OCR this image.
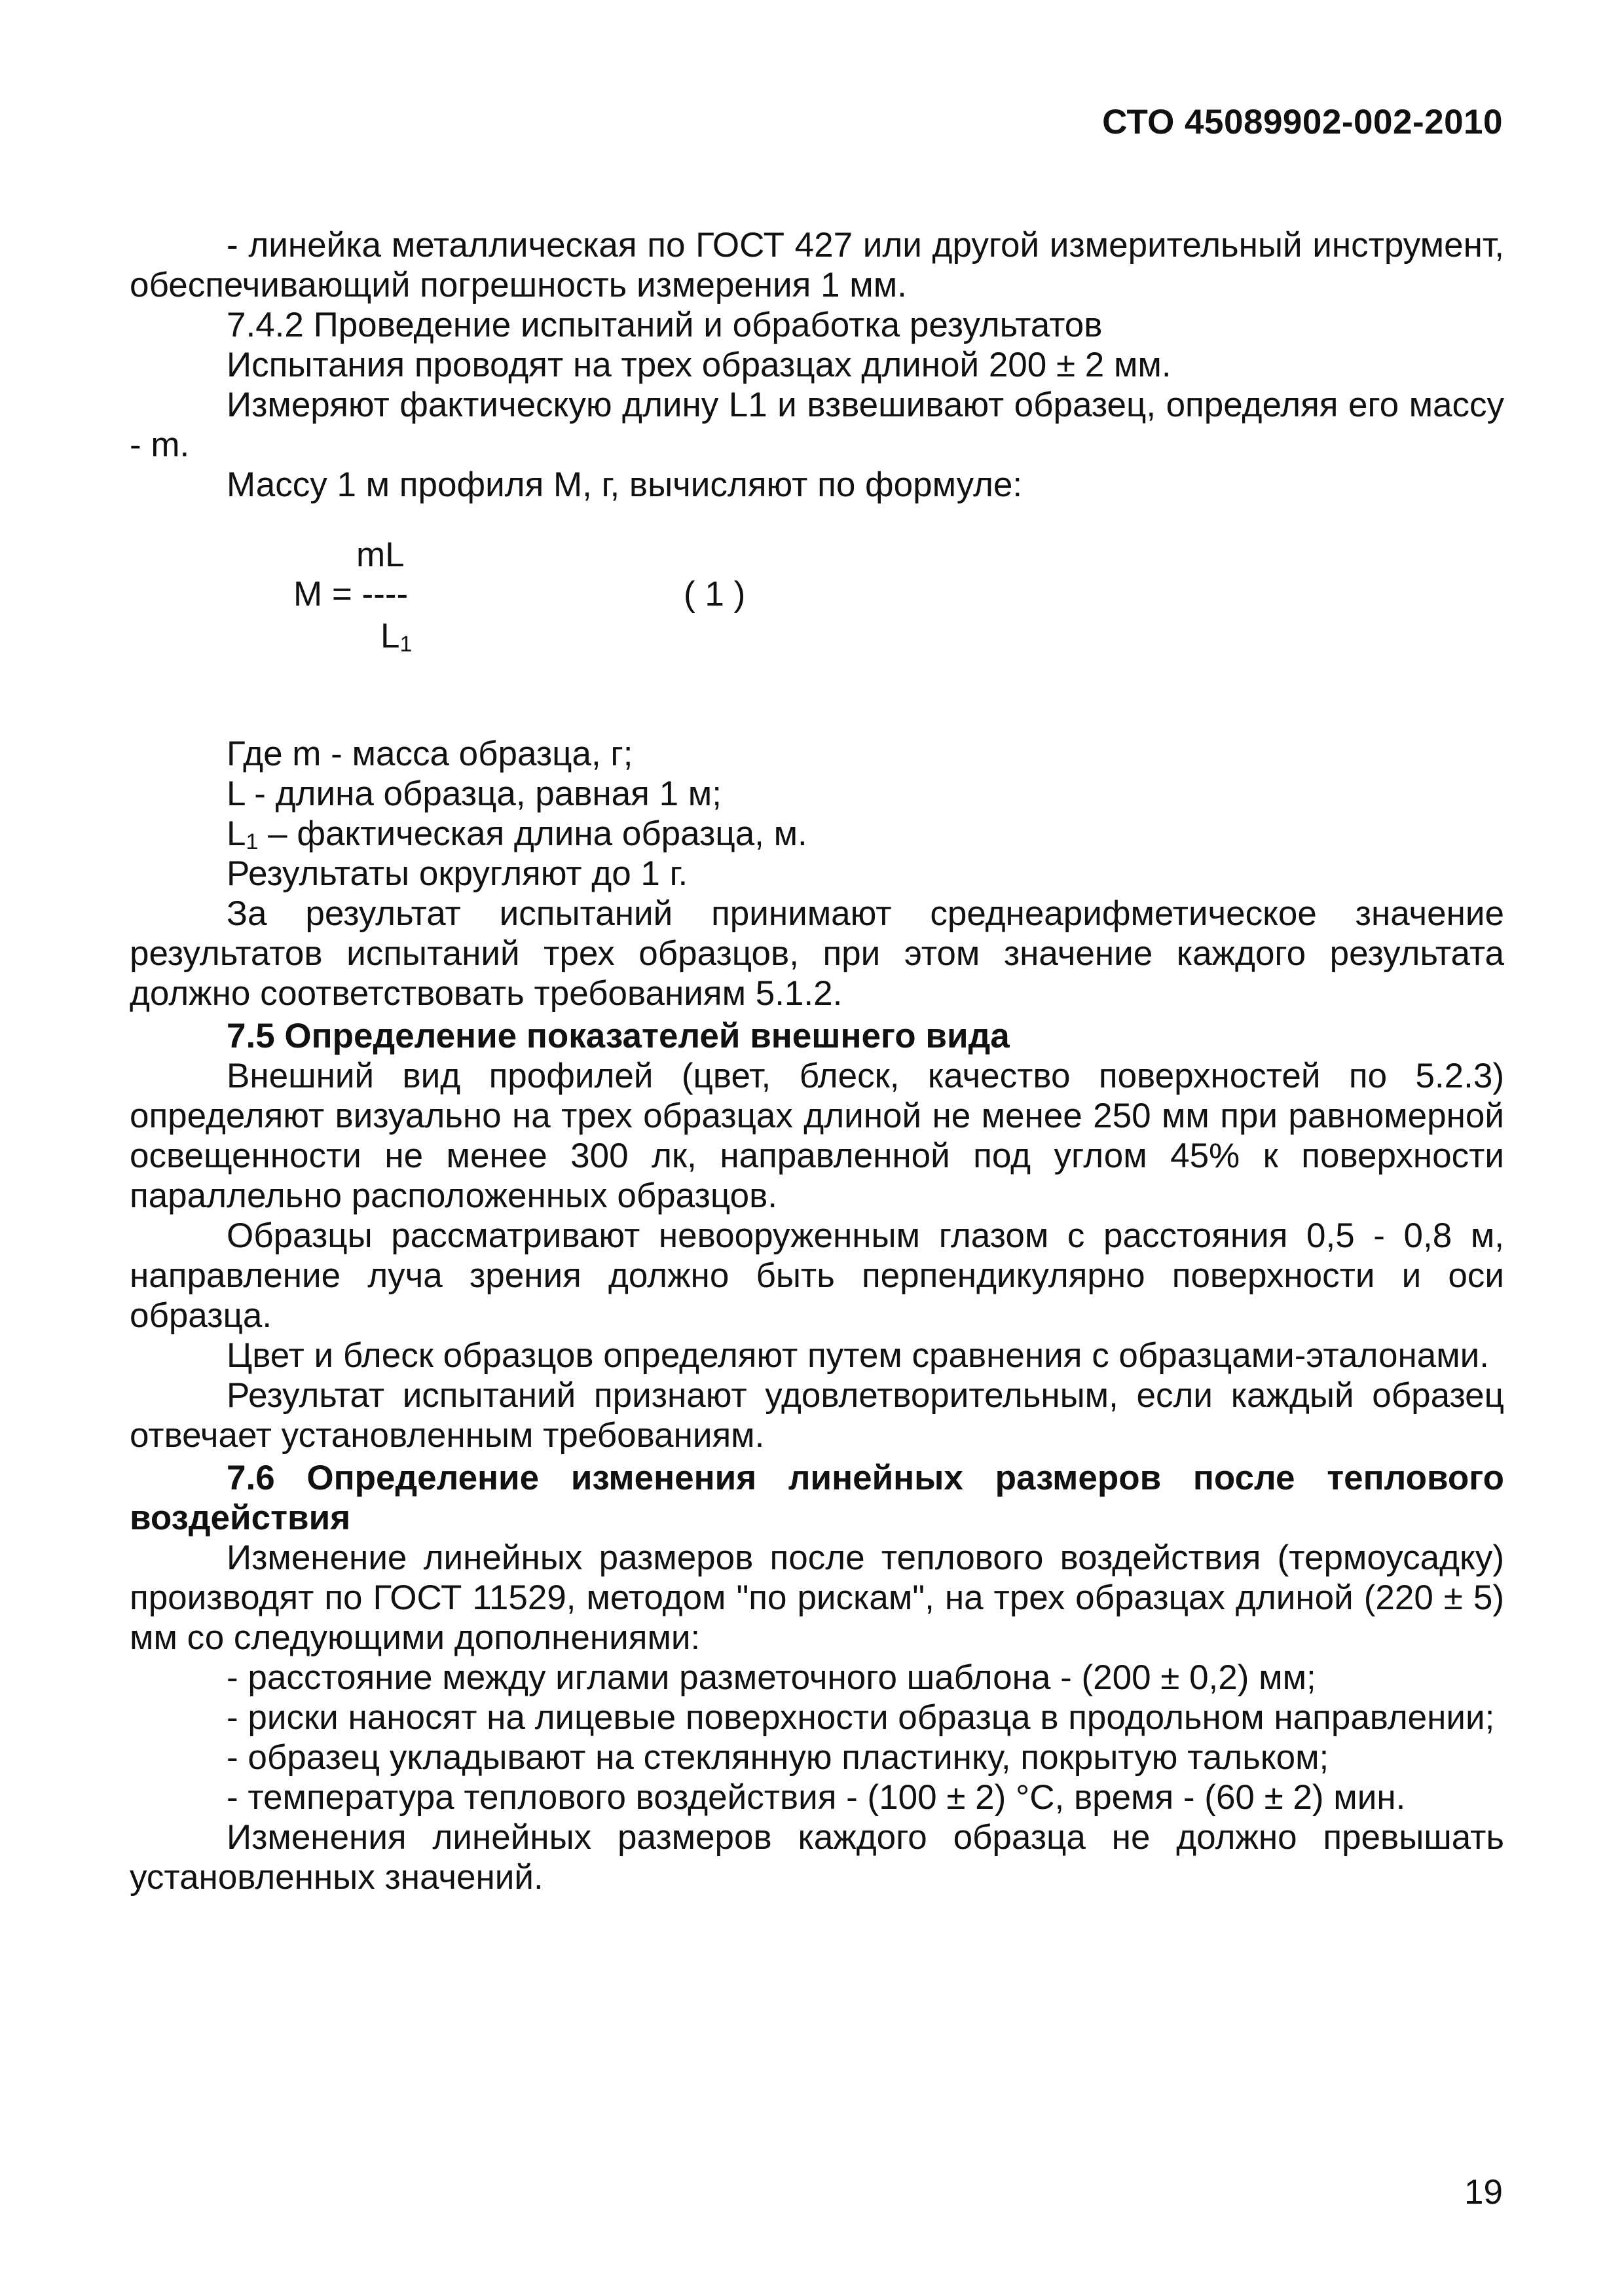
СТО 45089902-002-2010

- линейка металлическая по ГОСТ 427 или другой измерительный инструмент, обеспечивающий погрешность измерения 1 мм.

7.4.2 Проведение испытаний и обработка результатов

Испытания проводят на трех образцах длиной 200 ± 2 мм.

Измеряют фактическую длину L1 и взвешивают образец, определяя его массу - m.

Массу 1 м профиля М, г, вычисляют по формуле:

mL
M = ----
$L_1$
( 1 )

Где m - масса образца, г;

L - длина образца, равная 1 м;

$L_1$ – фактическая длина образца, м.

Результаты округляют до 1 г.

За результат испытаний принимают среднеарифметическое значение результатов испытаний трех образцов, при этом значение каждого результата должно соответствовать требованиям 5.1.2.

7.5 Определение показателей внешнего вида

Внешний вид профилей (цвет, блеск, качество поверхностей по 5.2.3) определяют визуально на трех образцах длиной не менее 250 мм при равномерной освещенности не менее 300 лк, направленной под углом 45% к поверхности параллельно расположенных образцов.

Образцы рассматривают невооруженным глазом с расстояния 0,5 - 0,8 м, направление луча зрения должно быть перпендикулярно поверхности и оси образца.

Цвет и блеск образцов определяют путем сравнения с образцами-эталонами.

Результат испытаний признают удовлетворительным, если каждый образец отвечает установленным требованиям.

7.6 Определение изменения линейных размеров после теплового воздействия

Изменение линейных размеров после теплового воздействия (термоусадку) производят по ГОСТ 11529, методом "по рискам", на трех образцах длиной (220 ± 5) мм со следующими дополнениями:

- расстояние между иглами разметочного шаблона - (200 ± 0,2) мм;

- риски наносят на лицевые поверхности образца в продольном направлении;

- образец укладывают на стеклянную пластинку, покрытую тальком;

- температура теплового воздействия - (100 ± 2) °С, время - (60 ± 2) мин.

Изменения линейных размеров каждого образца не должно превышать установленных значений.

19
